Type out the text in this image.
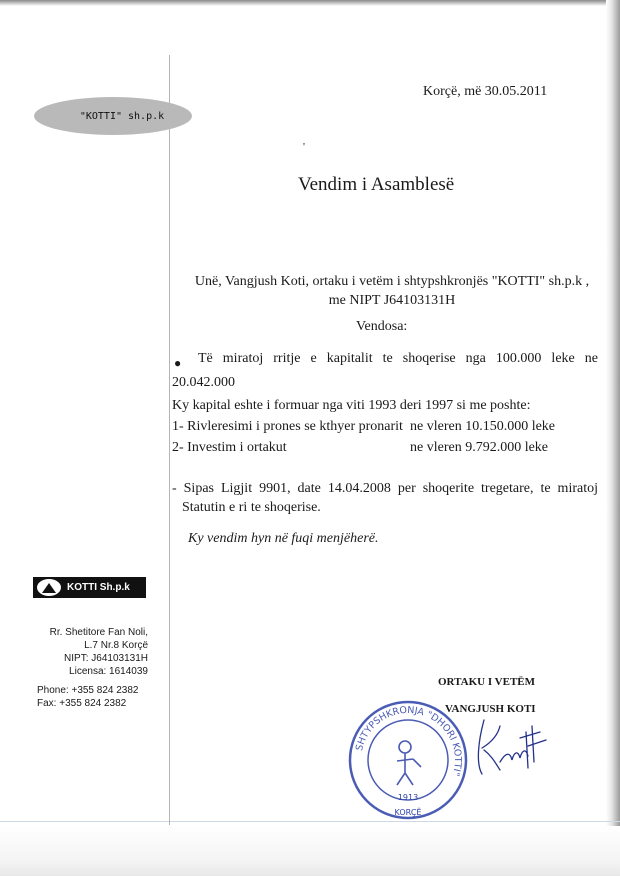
"KOTTI" sh.p.k
Korçë, më 30.05.2011
'
Vendim i Asamblesë
Unë, Vangjush Koti, ortaku i vetëm i shtypshkronjës "KOTTI" sh.p.k ,
me NIPT J64103131H
Vendosa:
● Të miratoj rritje e kapitalit te shoqerise nga 100.000 leke ne
20.042.000
Ky kapital eshte i formuar nga viti 1993 deri 1997 si me poshte:
1- Rivleresimi i prones se kthyer pronarit ne vleren 10.150.000 leke
2- Investim i ortakut	ne vleren 9.792.000 leke
- Sipas Ligjit 9901, date 14.04.2008 per shoqerite tregetare, te miratoj
Statutin e ri te shoqerise.
Ky vendim hyn në fuqi menjëherë.
KOTTI Sh.p.k
Rr. Shetitore Fan Noli,
L.7 Nr.8 Korçë
NIPT: J64103131H
Licensa: 1614039
Phone: +355 824 2382
Fax: +355 824 2382
ORTAKU I VETËM
SHTYPSHKRONJA "DHORI KOTTI"
1913
KORÇË
VANGJUSH KOTI
